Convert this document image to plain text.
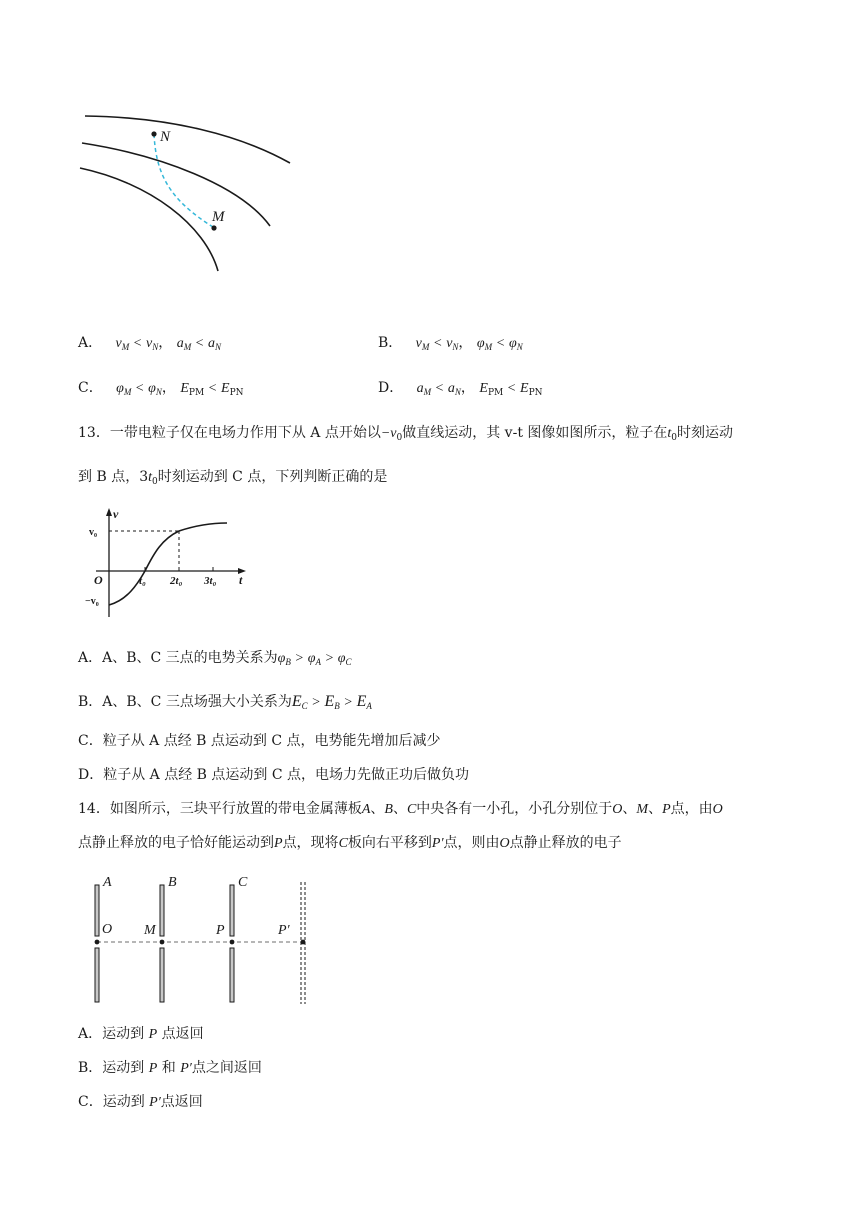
N
M
A． $v_M < v_N$， $a_M < a_N$	B． $v_M < v_N$， $\varphi_M < \varphi_N$
C． $\varphi_M < \varphi_N$， $E_{PM} < E_{PN}$	D． $a_M < a_N$， $E_{PM} < E_{PN}$
13．一带电粒子仅在电场力作用下从 A 点开始以$-v_0$做直线运动，其 v-t 图像如图所示，粒子在$t_0$时刻运动
到 B 点，$3t_0$时刻运动到 C 点，下列判断正确的是
v
t
O
v₀
−v₀
t₀ 2t₀ 3t₀
A．A、B、C 三点的电势关系为$\varphi_B > \varphi_A > \varphi_C$
B．A、B、C 三点场强大小关系为$E_C > E_B > E_A$
C．粒子从 A 点经 B 点运动到 C 点，电势能先增加后减少
D．粒子从 A 点经 B 点运动到 C 点，电场力先做正功后做负功
14．如图所示，三块平行放置的带电金属薄板A、B、C中央各有一小孔，小孔分别位于O、M、P点，由O
点静止释放的电子恰好能运动到P点，现将C板向右平移到P′点，则由O点静止释放的电子
A	B	C
O M	P	P′
A．运动到 P 点返回
B．运动到 P 和 P′点之间返回
C．运动到 P′点返回
